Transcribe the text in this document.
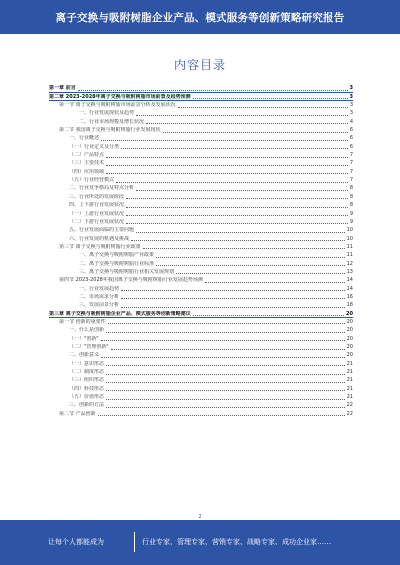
离子交换与吸附树脂企业产品、模式服务等创新策略研究报告
内容目录
第一章 前言	3
第二章 2023-2028年离子交换与吸附树脂市场前景及趋势预测	3
第一节 离子交换与吸附树脂市场前景分析及发展状况	3
一、行业发展现状及趋势	3
二、行业市场规模及增长状况	4
第二节 我国离子交换与吸附树脂行业发展现状	6
一、行业概述	6
（一）行业定义及分类	6
（二）产品特点	7
（三）主要技术	7
（四）应用领域	7
（五）行业经营模式	7
二、行业竞争格局及特点分析	8
三、行业所处的发展阶段	8
四、上下游行业发展状况	8
（一）上游行业发展状况	9
（二）下游行业发展状况	9
五、行业发展面临的主要问题	10
六、行业发展的机遇及挑战	10
第三节 离子交换与吸附树脂行业政策	11
一、离子交换与吸附树脂产业政策	11
二、离子交换与吸附树脂行业标准	12
三、离子交换与吸附树脂行业相关发展规划	13
第四节 2023-2028年我国离子交换与吸附树脂行业发展趋势预测	14
一、行业发展趋势	14
二、市场需求分析	16
三、发展前景分析	18
第三章 离子交换与吸附树脂企业产品、模式服务等创新策略建议	20
第一节 创新的重要性	20
一、什么是创新	20
（一）"创新"	20
（二）"管理创新"	20
二、创新意义	20
（一）意识形态	21
（二）制度形态	21
（三）组织形态	21
（四）科技形态	21
（五）价值形态	21
三、创新的方法	22
第二节 产品创新	22
2
让每个人都能成为	行业专家、管理专家、营销专家、战略专家、成功企业家……
